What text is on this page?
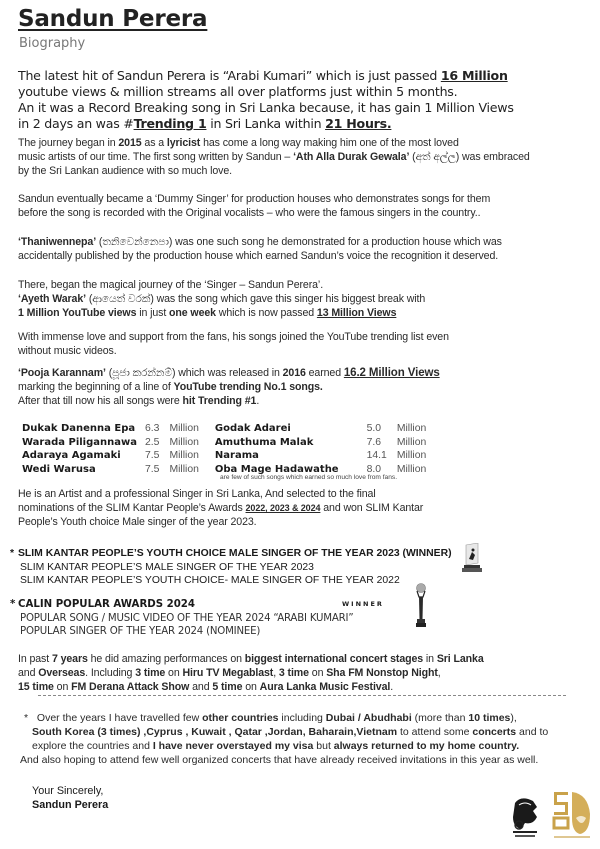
Sandun Perera
Biography
The latest hit of Sandun Perera is “Arabi Kumari” which is just passed 16 Million
youtube views & million streams all over platforms just within 5 months.
An it was a Record Breaking song in Sri Lanka because, it has gain 1 Million Views
in 2 days an was #Trending 1 in Sri Lanka within 21 Hours.
The journey began in 2015 as a lyricist has come a long way making him one of the most loved
music artists of our time. The first song written by Sandun – ‘Ath Alla Durak Gewala’ (අත් අල්ල) was embraced
by the Sri Lankan audience with so much love.
Sandun eventually became a ‘Dummy Singer’ for production houses who demonstrates songs for them
before the song is recorded with the Original vocalists – who were the famous singers in the country..
‘Thaniwennepa’ (තනිවෙන්නෙපා) was one such song he demonstrated for a production house which was
accidentally published by the production house which earned Sandun’s voice the recognition it deserved.
There, began the magical journey of the ‘Singer – Sandun Perera’.
‘Ayeth Warak’ (ආයෙත් වරක්) was the song which gave this singer his biggest break with
1 Million YouTube views in just one week which is now passed 13 Million Views
With immense love and support from the fans, his songs joined the YouTube trending list even
without music videos.
‘Pooja Karannam’ (පූජා කරන්නම්) which was released in 2016 earned 16.2 Million Views
marking the beginning of a line of YouTube trending No.1 songs.
After that till now his all songs were hit Trending #1.
Dukak Danenna Epa	6.3	Million	Godak Adarei	5.0	Million
Warada Piligannawa	2.5	Million	Amuthuma Malak	7.6	Million
Adaraya Agamaki	7.5	Million	Narama	14.1	Million
Wedi Warusa	7.5	Million	Oba Mage Hadawathe	8.0	Million
are few of such songs which earned so much love from fans.
He is an Artist and a professional Singer in Sri Lanka, And selected to the final
nominations of the SLIM Kantar People’s Awards 2022, 2023 & 2024 and won SLIM Kantar
People’s Youth choice Male singer of the year 2023.
* SLIM KANTAR PEOPLE’S YOUTH CHOICE MALE SINGER OF THE YEAR 2023 (WINNER)
SLIM KANTAR PEOPLE’S MALE SINGER OF THE YEAR 2023
SLIM KANTAR PEOPLE’S YOUTH CHOICE- MALE SINGER OF THE YEAR 2022
* CALIN POPULAR AWARDS 2024
POPULAR SONG / MUSIC VIDEO OF THE YEAR 2024 “ARABI KUMARI”
POPULAR SINGER OF THE YEAR 2024 (NOMINEE)
WINNER
In past 7 years he did amazing performances on biggest international concert stages in Sri Lanka
and Overseas. Including 3 time on Hiru TV Megablast, 3 time on Sha FM Nonstop Night,
15 time on FM Derana Attack Show and 5 time on Aura Lanka Music Festival.
* Over the years I have travelled few other countries including Dubai / Abudhabi (more than 10 times),
South Korea (3 times) ,Cyprus , Kuwait , Qatar ,Jordan, Baharain,Vietnam to attend some concerts and to
explore the countries and I have never overstayed my visa but always returned to my home country.
And also hoping to attend few well organized concerts that have already received invitations in this year as well.
Your Sincerely,
Sandun Perera
